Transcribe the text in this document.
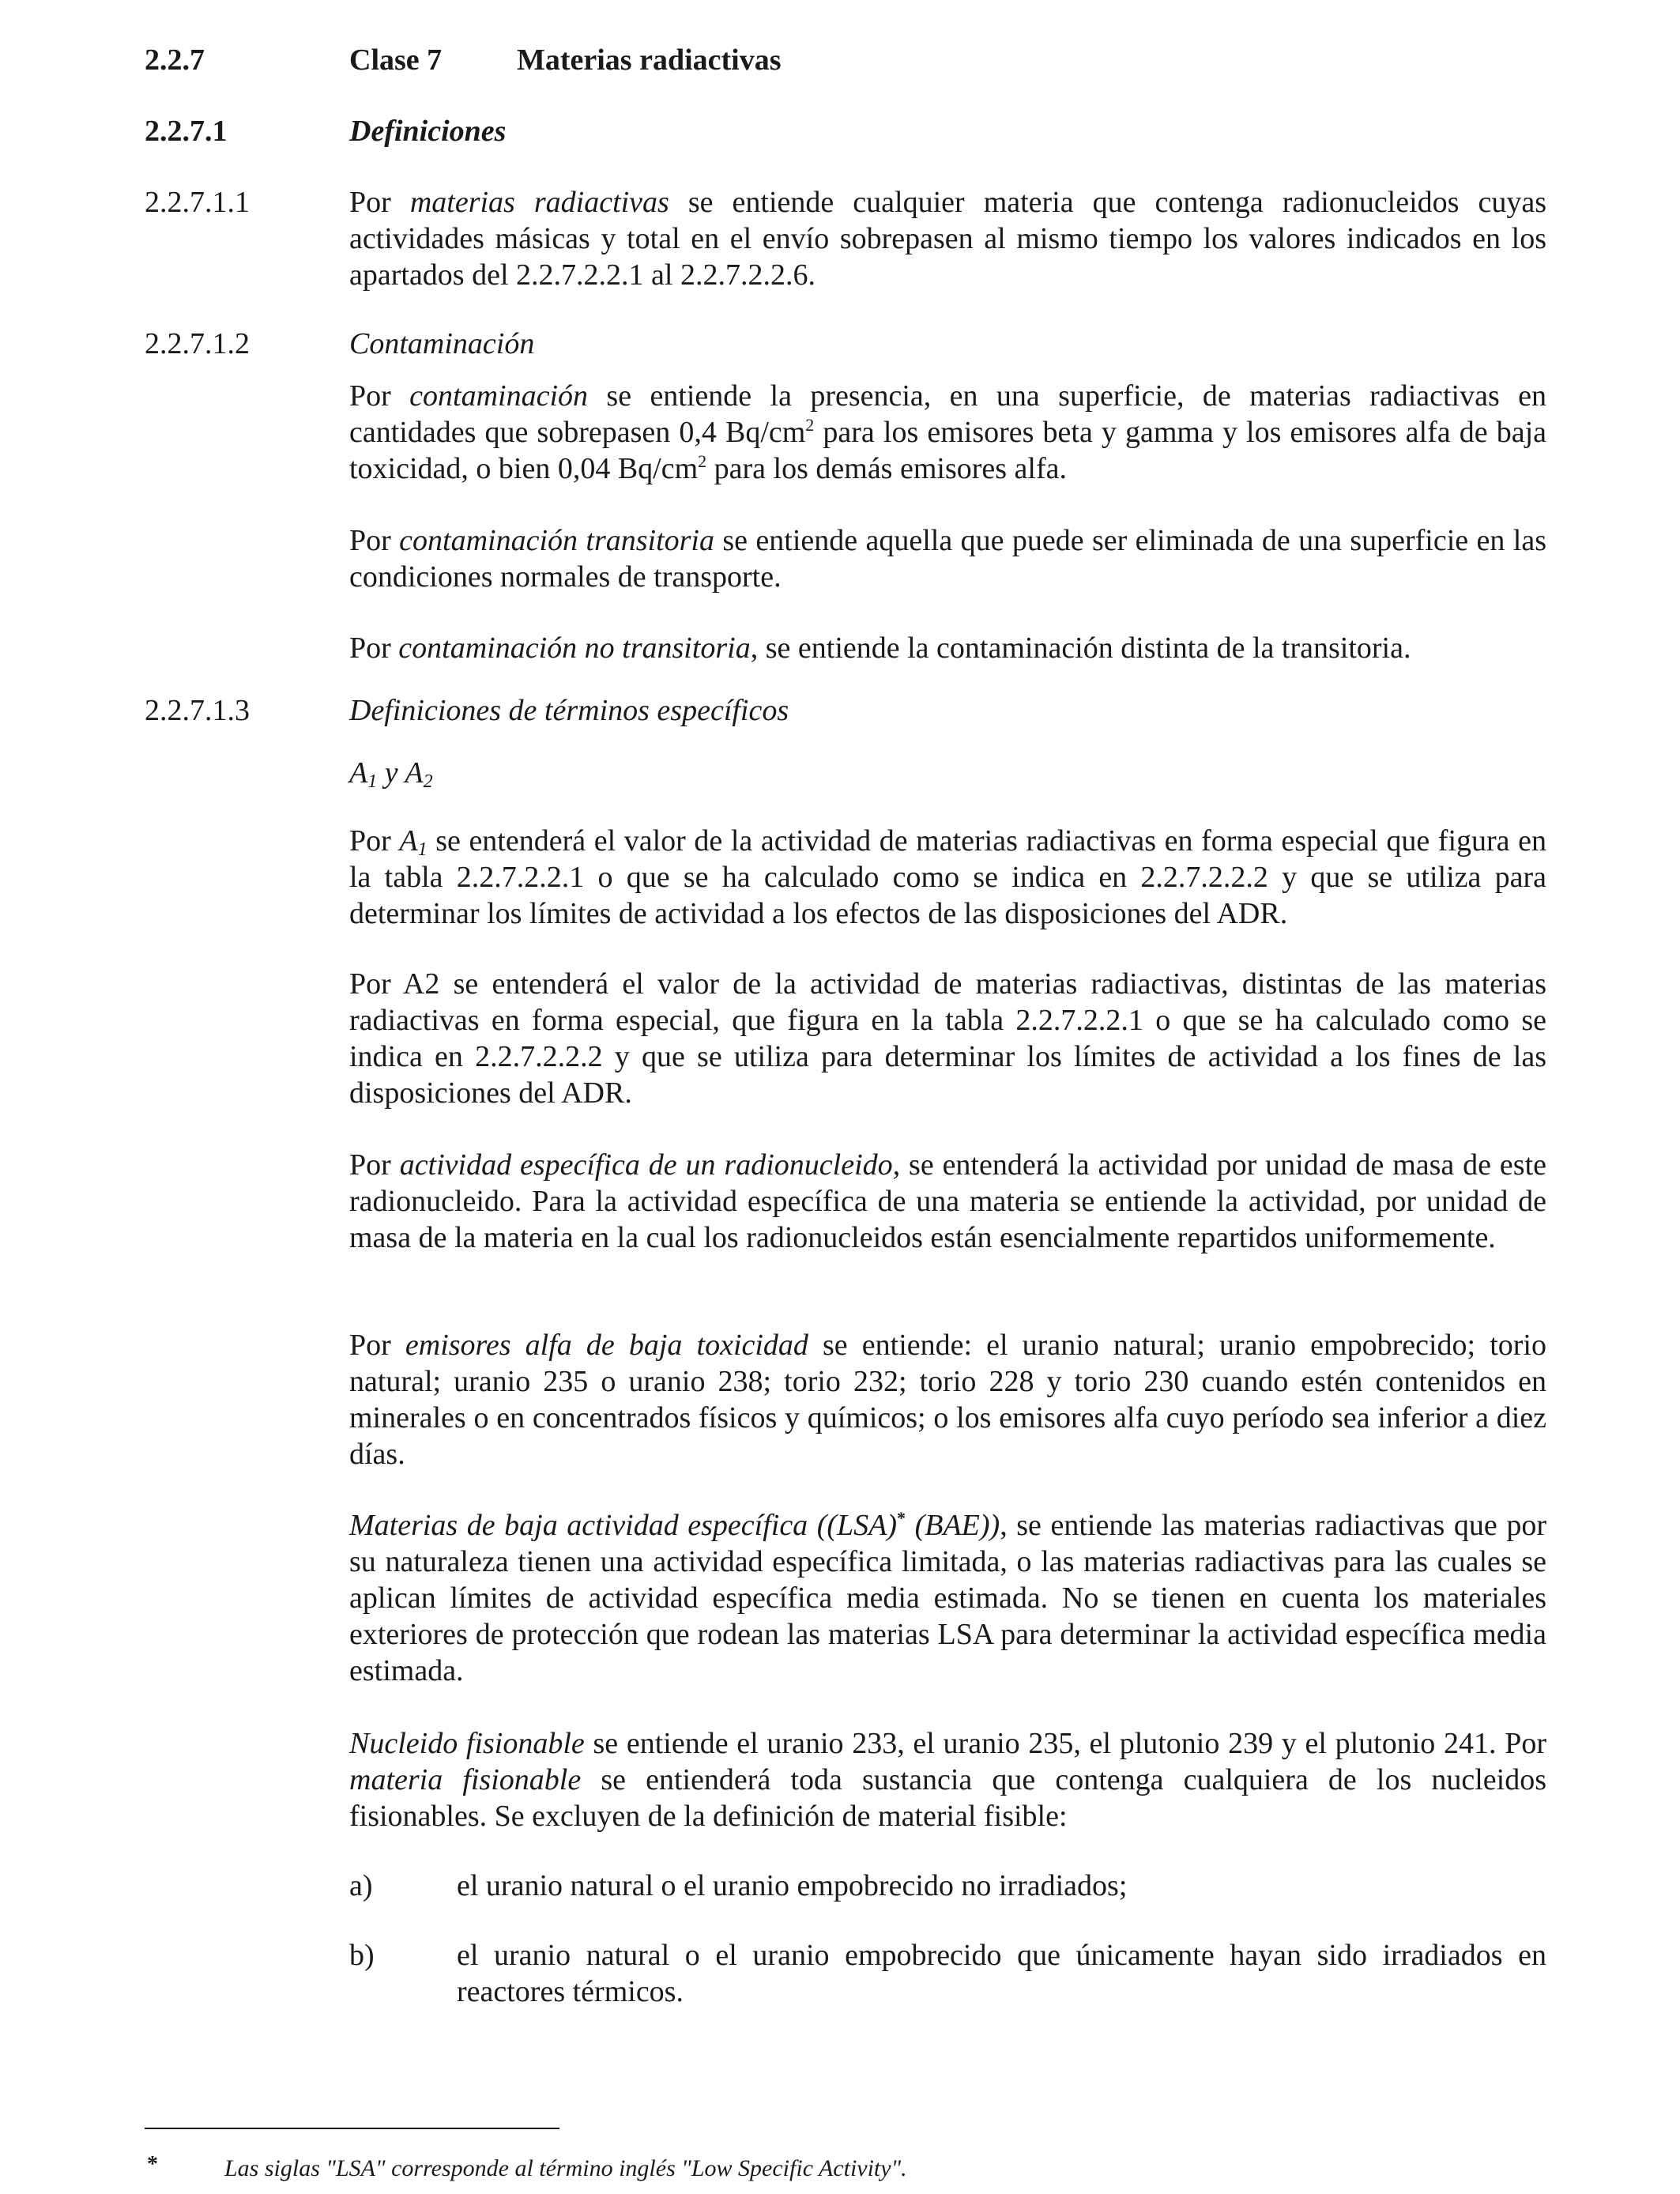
2.2.7	Clase 7 Materias radiactivas
2.2.7.1	Definiciones
2.2.7.1.1	Por materias radiactivas se entiende cualquier materia que contenga radionucleidos cuyas actividades másicas y total en el envío sobrepasen al mismo tiempo los valores indicados en los apartados del 2.2.7.2.2.1 al 2.2.7.2.2.6.

2.2.7.1.2	Contaminación

Por contaminación se entiende la presencia, en una superficie, de materias radiactivas en cantidades que sobrepasen 0,4 $Bq/cm^2$ para los emisores beta y gamma y los emisores alfa de baja toxicidad, o bien 0,04 $Bq/cm^2$ para los demás emisores alfa.

Por contaminación transitoria se entiende aquella que puede ser eliminada de una superficie en las condiciones normales de transporte.

Por contaminación no transitoria, se entiende la contaminación distinta de la transitoria.

2.2.7.1.3	Definiciones de términos específicos
$A_1$ y $A_2$

Por $A_1$ se entenderá el valor de la actividad de materias radiactivas en forma especial que figura en la tabla 2.2.7.2.2.1 o que se ha calculado como se indica en 2.2.7.2.2.2 y que se utiliza para determinar los límites de actividad a los efectos de las disposiciones del ADR.

Por A2 se entenderá el valor de la actividad de materias radiactivas, distintas de las materias radiactivas en forma especial, que figura en la tabla 2.2.7.2.2.1 o que se ha calculado como se indica en 2.2.7.2.2.2 y que se utiliza para determinar los límites de actividad a los fines de las disposiciones del ADR.

Por actividad específica de un radionucleido, se entenderá la actividad por unidad de masa de este radionucleido. Para la actividad específica de una materia se entiende la actividad, por unidad de masa de la materia en la cual los radionucleidos están esencialmente repartidos uniformemente.

Por emisores alfa de baja toxicidad se entiende: el uranio natural; uranio empobrecido; torio natural; uranio 235 o uranio 238; torio 232; torio 228 y torio 230 cuando estén contenidos en minerales o en concentrados físicos y químicos; o los emisores alfa cuyo período sea inferior a diez días.

Materias de baja actividad específica ((LSA)* (BAE)), se entiende las materias radiactivas que por su naturaleza tienen una actividad específica limitada, o las materias radiactivas para las cuales se aplican límites de actividad específica media estimada. No se tienen en cuenta los materiales exteriores de protección que rodean las materias LSA para determinar la actividad específica media estimada.

Nucleido fisionable se entiende el uranio 233, el uranio 235, el plutonio 239 y el plutonio 241. Por materia fisionable se entienderá toda sustancia que contenga cualquiera de los nucleidos fisionables. Se excluyen de la definición de material fisible:

a)	el uranio natural o el uranio empobrecido no irradiados;

b)	el uranio natural o el uranio empobrecido que únicamente hayan sido irradiados en reactores térmicos.

*	Las siglas "LSA" corresponde al término inglés "Low Specific Activity".
